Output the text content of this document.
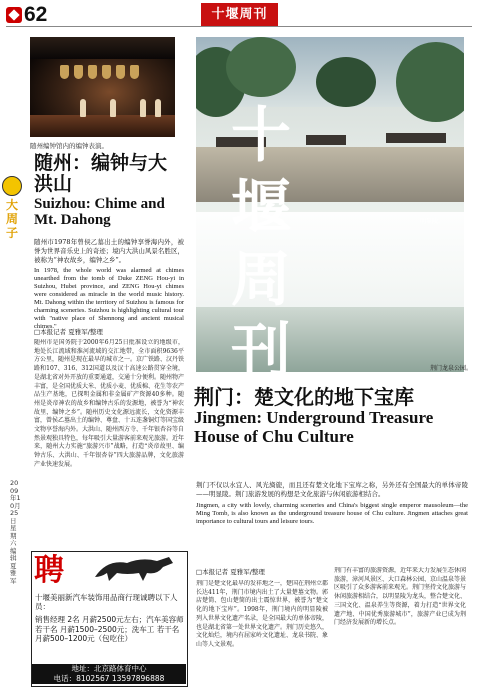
62	十堰周刊
大周子
2009年10月25日 星期六 编辑 夏雅军
随州编钟馆内的编钟表演。
随州：编钟与大洪山
Suizhou: Chime and
Mt. Dahong
随州市1978年曾侯乙墓出土的编钟享誉海内外，被誉为世界音乐史上的奇迹；境内大洪山风景名胜区，被称为“神农故乡，编钟之乡”。
In 1978, the whole world was alarmed at chimes unearthed from the tomb of Duke ZENG Hou-yi in Suizhou, Hubei province, and ZENG Hou-yi chimes were considered as miracle in the world music history. Mt. Dahong within the territory of Suizhou is famous for charming sceneries. Suizhou is highlighting cultural tour with "native place of Shennong and ancient musical chimes."
□本报记者 夏雅军/整理
随州市是国务院于2000年6月25日批准设立的地级市，地处长江流域和淮河流域的交汇地带，全市面积9636平方公里，随州是现在最早的城市之一。京广铁路、汉丹铁路和107、316、312国道以及汉十高速公路贯穿全境，是湖北省对外开放的重要通道，交通十分便利。随州物产丰富，是全国优质大米、优质小麦、优质棉、花生等农产品生产基地，已探明金属和非金属矿产资源40多种。随州是炎帝神农的故乡和编钟古乐的发源地，被誉为“神农故里，编钟之乡”。随州历史文化源远流长，文化资源丰富，曾侯乙墓出土的编钟、尊盘、十五连盏铜灯等国宝级文物享誉海内外。大洪山、随州西方寺、千年银杏谷等自然景观独具特色，每年吸引大量游客前来观光旅游。近年来，随州大力实施“旅游兴市”战略，打造“炎帝故里、编钟古乐、大洪山、千年银杏谷”四大旅游品牌，文化旅游产业快速发展。
聘
十堰美丽新汽车装饰用品商行现诚聘以下人员：
销售经理 2名 月薪2500元左右；汽车美容师 若干名 月薪1500–2500元；洗车工 若干名 月薪500–1200元（包吃住）
地址：北京路体育中心
电话：8102567 13597896888
十堰周刊
明显陵。
荆门龙泉公园。
荆门：楚文化的地下宝库
Jingmen: Underground Treasure House of Chu Culture
荆门不仅以水宜人、风光旖旎，而且还有楚文化地下宝库之称，另外还有全国最大的单体帝陵——明显陵。荆门旅游发展的构想是文化旅游与休闲旅游相结合。
Jingmen, a city with lovely, charming sceneries and China's biggest single emperor mausoleum—the Ming Tomb, is also known as the underground treasure house of Chu culture. Jingmen attaches great importance to cultural tours and leisure tours.
□本报记者 夏雅军/整理
荆门是楚文化最早的发祥地之一，楚国在荆州立都长达411年，荆门市境内出土了大量楚墓文物。郭店楚简、包山楚简的出土震惊世界，被誉为“楚文化的地下宝库”。1998年，荆门境内的明显陵被列入世界文化遗产名录，是全国最大的单体帝陵，也是湖北省第一处世界文化遗产。荆门历史悠久，文化灿烂，境内有屈家岭文化遗址、龙泉书院、象山等人文景观。
荆门有丰富的旅游资源，近年来大力发展生态休闲旅游，漳河风景区、大口森林公园、京山温泉等景区吸引了众多游客前来观光。荆门坚持文化旅游与休闲旅游相结合，以明显陵为龙头，整合楚文化、三国文化、温泉养生等资源，着力打造“世界文化遗产地、中国优秀旅游城市”，旅游产业已成为荆门经济发展新的增长点。
